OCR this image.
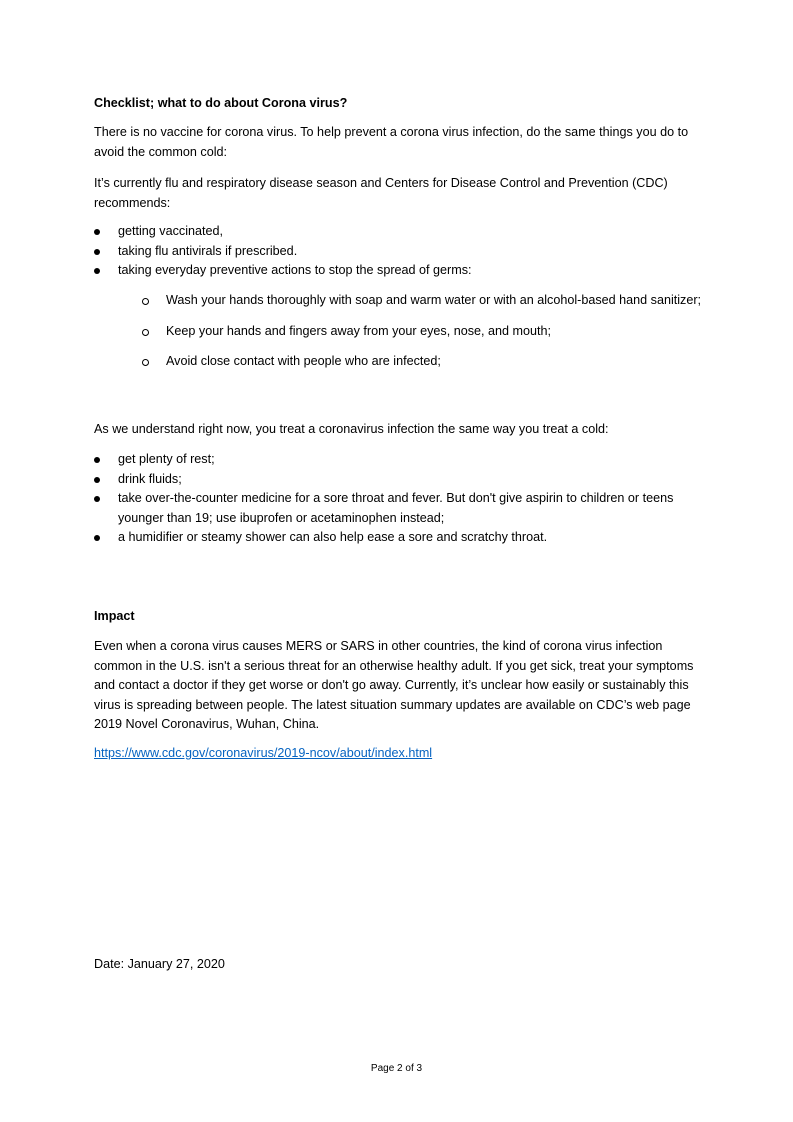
Checklist; what to do about Corona virus?

There is no vaccine for corona virus. To help prevent a corona virus infection, do the same things you do to avoid the common cold:

It’s currently flu and respiratory disease season and Centers for Disease Control and Prevention (CDC) recommends:

getting vaccinated,
taking flu antivirals if prescribed.
taking everyday preventive actions to stop the spread of germs:
Wash your hands thoroughly with soap and warm water or with an alcohol-based hand sanitizer;
Keep your hands and fingers away from your eyes, nose, and mouth;
Avoid close contact with people who are infected;

As we understand right now, you treat a coronavirus infection the same way you treat a cold:

get plenty of rest;
drink fluids;
take over-the-counter medicine for a sore throat and fever. But don't give aspirin to children or teens younger than 19; use ibuprofen or acetaminophen instead;
a humidifier or steamy shower can also help ease a sore and scratchy throat.

Impact

Even when a corona virus causes MERS or SARS in other countries, the kind of corona virus infection common in the U.S. isn't a serious threat for an otherwise healthy adult. If you get sick, treat your symptoms and contact a doctor if they get worse or don't go away. Currently, it’s unclear how easily or sustainably this virus is spreading between people. The latest situation summary updates are available on CDC’s web page 2019 Novel Coronavirus, Wuhan, China.

https://www.cdc.gov/coronavirus/2019-ncov/about/index.html

Date: January 27, 2020

Page 2 of 3
